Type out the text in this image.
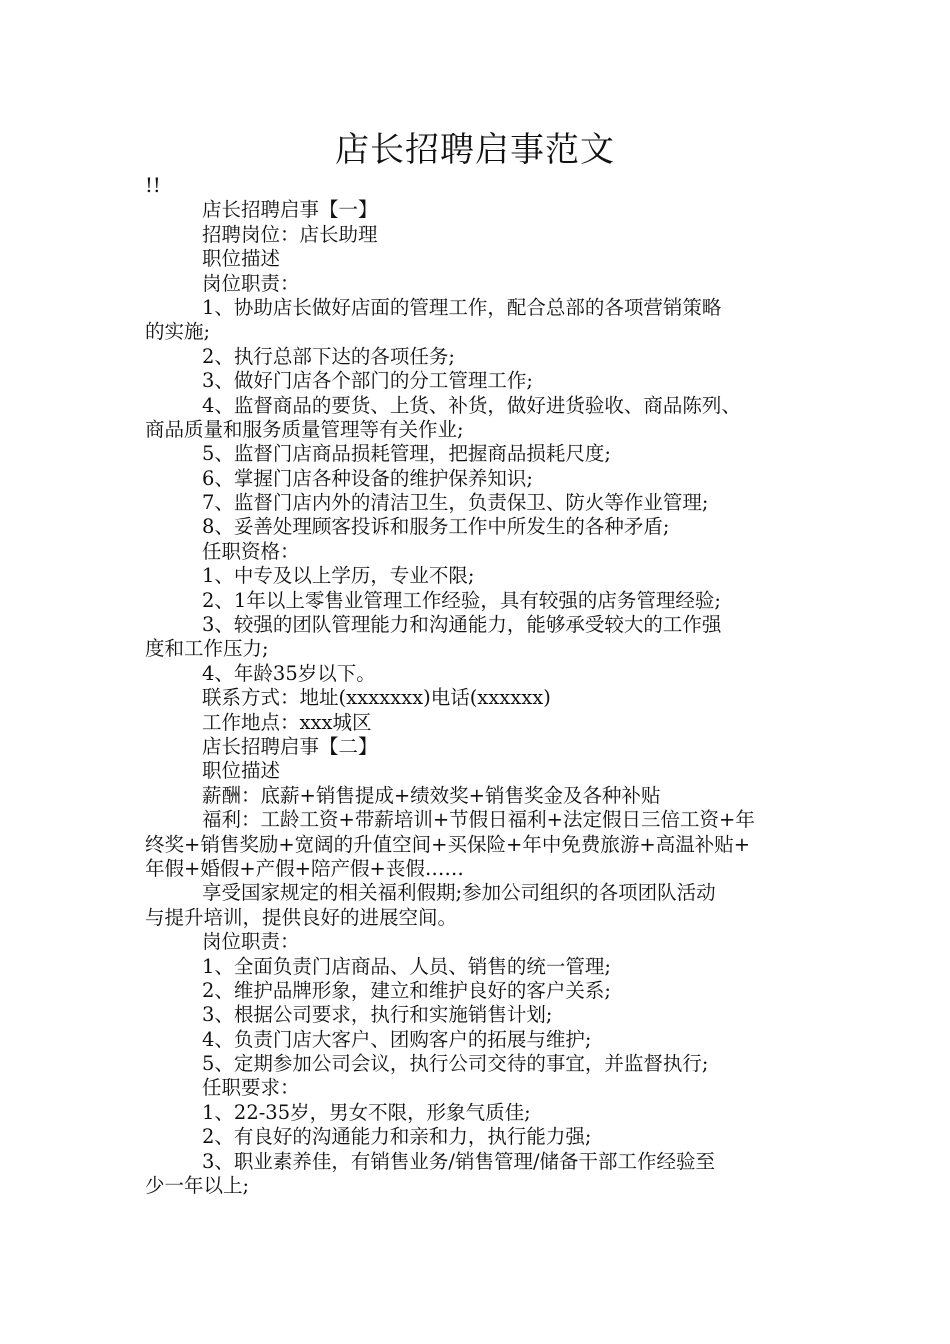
店长招聘启事范文
!!
店长招聘启事【一】
招聘岗位：店长助理
职位描述
岗位职责：
1、协助店长做好店面的管理工作，配合总部的各项营销策略
的实施;
2、执行总部下达的各项任务;
3、做好门店各个部门的分工管理工作;
4、监督商品的要货、上货、补货，做好进货验收、商品陈列、
商品质量和服务质量管理等有关作业;
5、监督门店商品损耗管理，把握商品损耗尺度;
6、掌握门店各种设备的维护保养知识;
7、监督门店内外的清洁卫生，负责保卫、防火等作业管理;
8、妥善处理顾客投诉和服务工作中所发生的各种矛盾;
任职资格：
1、中专及以上学历，专业不限;
2、1年以上零售业管理工作经验，具有较强的店务管理经验;
3、较强的团队管理能力和沟通能力，能够承受较大的工作强
度和工作压力;
4、年龄35岁以下。
联系方式：地址(xxxxxxx)电话(xxxxxx)
工作地点：xxx城区
店长招聘启事【二】
职位描述
薪酬：底薪+销售提成+绩效奖+销售奖金及各种补贴
福利：工龄工资+带薪培训+节假日福利+法定假日三倍工资+年
终奖+销售奖励+宽阔的升值空间+买保险+年中免费旅游+高温补贴+
年假+婚假+产假+陪产假+丧假……
享受国家规定的相关福利假期;参加公司组织的各项团队活动
与提升培训，提供良好的进展空间。
岗位职责：
1、全面负责门店商品、人员、销售的统一管理;
2、维护品牌形象，建立和维护良好的客户关系;
3、根据公司要求，执行和实施销售计划;
4、负责门店大客户、团购客户的拓展与维护;
5、定期参加公司会议，执行公司交待的事宜，并监督执行;
任职要求：
1、22-35岁，男女不限，形象气质佳;
2、有良好的沟通能力和亲和力，执行能力强;
3、职业素养佳，有销售业务/销售管理/储备干部工作经验至
少一年以上;
